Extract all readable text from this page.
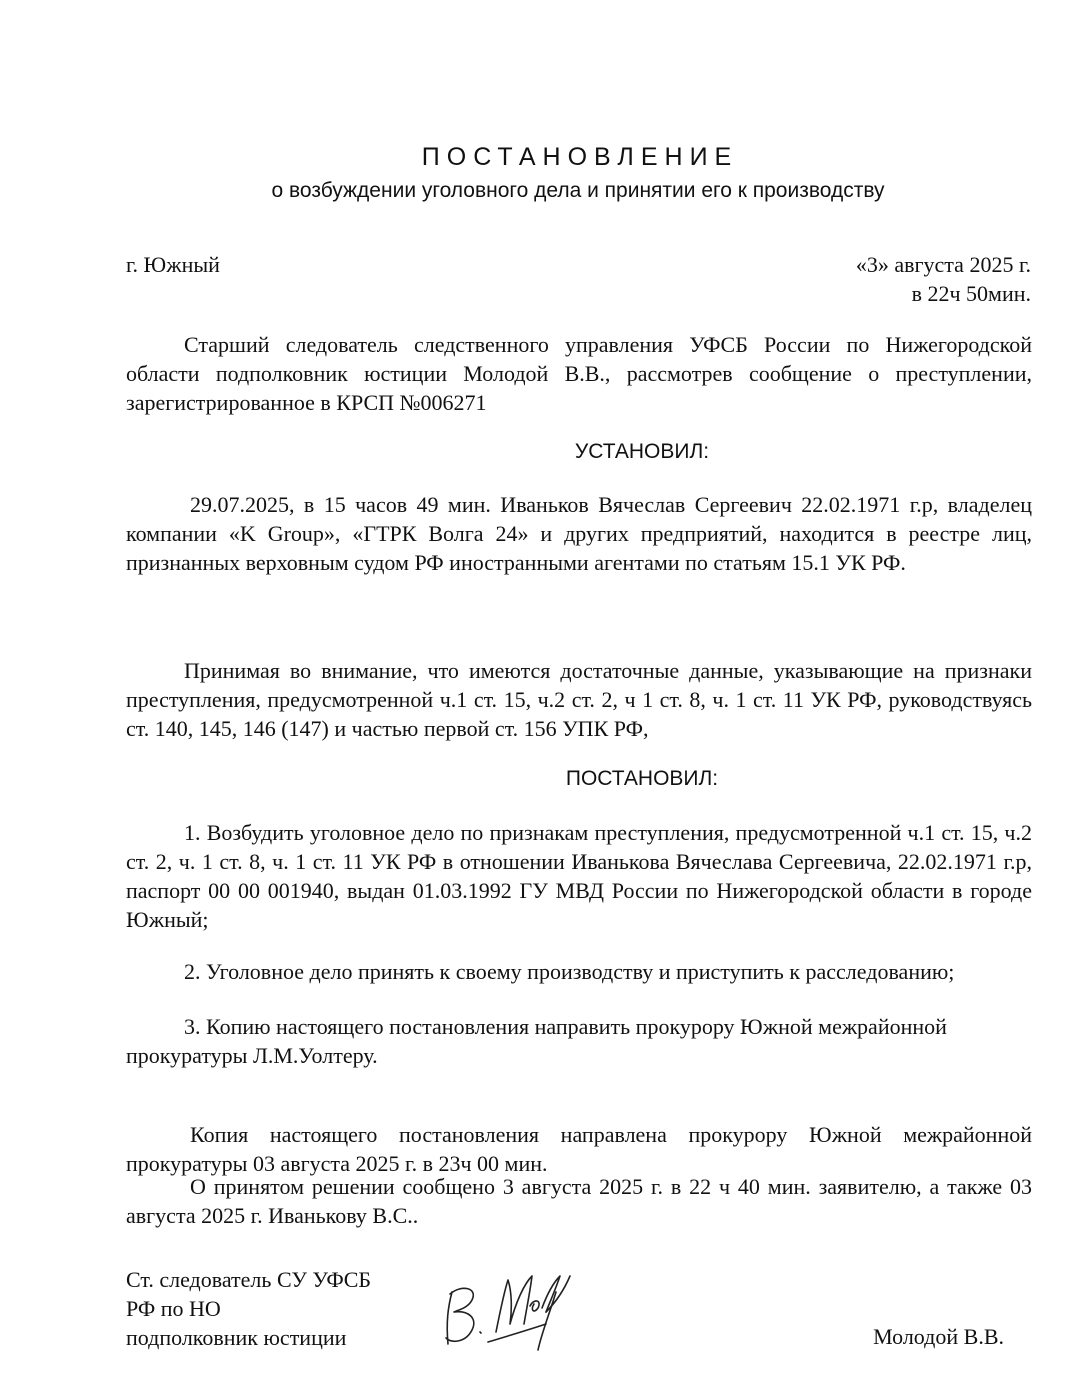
ПОСТАНОВЛЕНИЕ
о возбуждении уголовного дела и принятии его к производству
г. Южный	«3» августа 2025 г.
в 22ч 50мин.

Старший следователь следственного управления УФСБ России по Нижегородской области подполковник юстиции Молодой В.В., рассмотрев сообщение о преступлении, зарегистрированное в КРСП №006271

УСТАНОВИЛ:

29.07.2025, в 15 часов 49 мин. Иваньков Вячеслав Сергеевич 22.02.1971 г.р, владелец компании «K Group», «ГТРК Волга 24» и других предприятий, находится в реестре лиц, признанных верховным судом РФ иностранными агентами по статьям 15.1 УК РФ.

Принимая во внимание, что имеются достаточные данные, указывающие на признаки преступления, предусмотренной ч.1 ст. 15, ч.2 ст. 2, ч 1 ст. 8, ч. 1 ст. 11 УК РФ, руководствуясь ст. 140, 145, 146 (147) и частью первой ст. 156 УПК РФ,

ПОСТАНОВИЛ:

1. Возбудить уголовное дело по признакам преступления, предусмотренной ч.1 ст. 15, ч.2 ст. 2, ч. 1 ст. 8, ч. 1 ст. 11 УК РФ в отношении Иванькова Вячеслава Сергеевича, 22.02.1971 г.р, паспорт 00 00 001940, выдан 01.03.1992 ГУ МВД России по Нижегородской области в городе Южный;

2. Уголовное дело принять к своему производству и приступить к расследованию;

3. Копию настоящего постановления направить прокурору Южной межрайонной
прокуратуры Л.М.Уолтеру.

Копия настоящего постановления направлена прокурору Южной межрайонной прокуратуры 03 августа 2025 г. в 23ч 00 мин.

О принятом решении сообщено 3 августа 2025 г. в 22 ч 40 мин. заявителю, а также 03 августа 2025 г. Иванькову В.С..

Ст. следователь СУ УФСБ
РФ по НО
подполковник юстиции	Молодой В.В.
